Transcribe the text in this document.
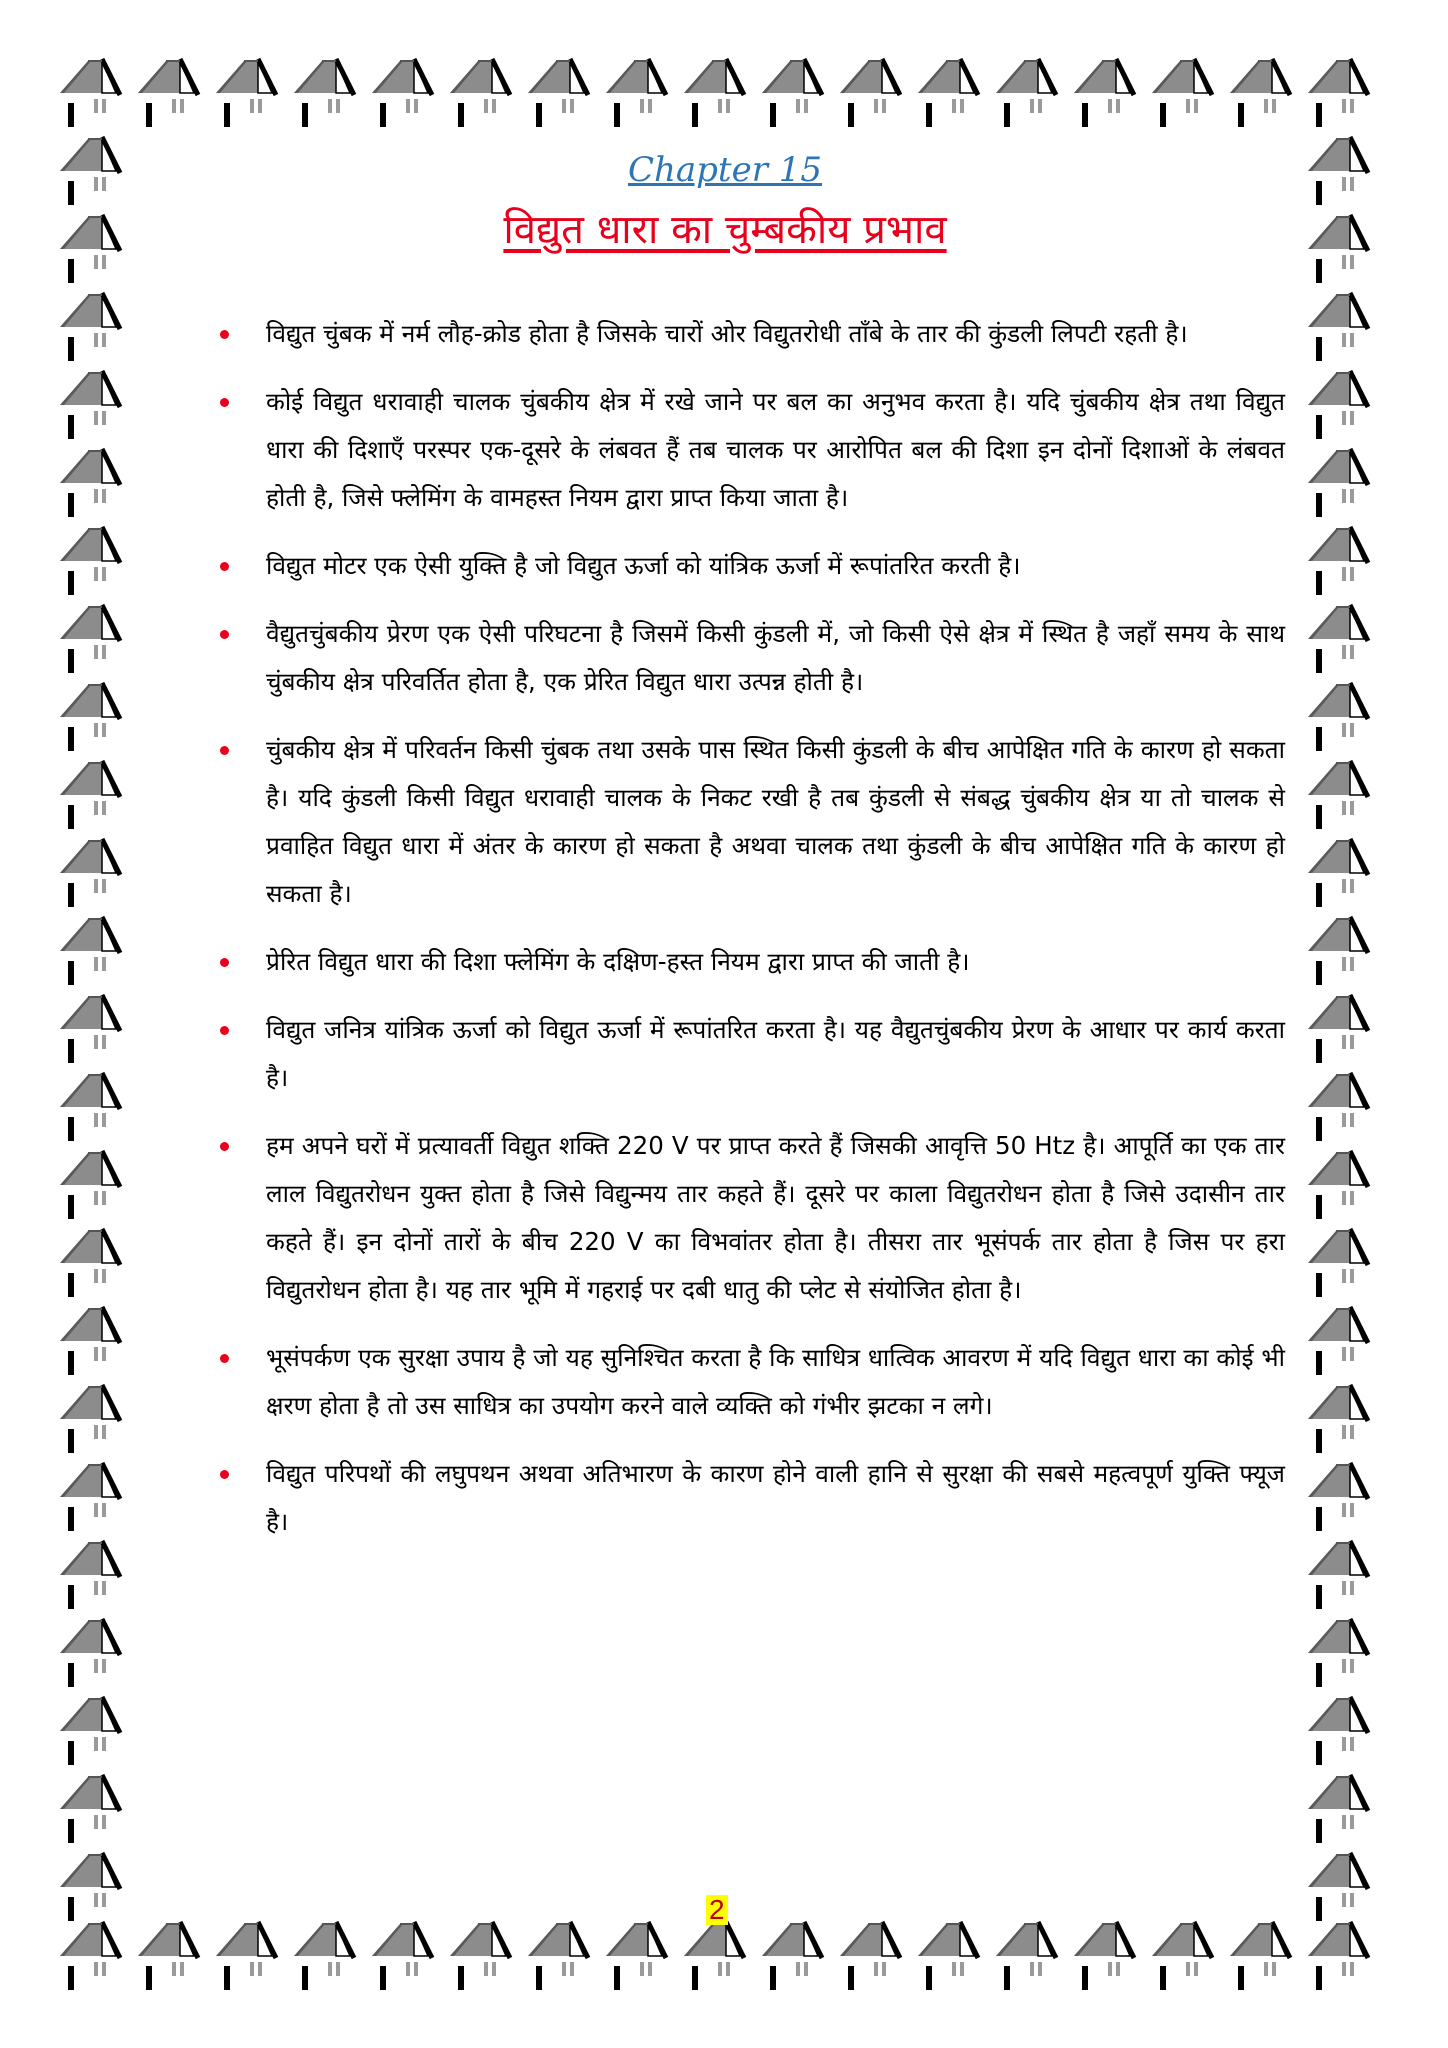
Chapter 15
विद्युत धारा का चुम्बकीय प्रभाव
विद्युत चुंबक में नर्म लौह-क्रोड होता है जिसके चारों ओर विद्युतरोधी ताँबे के तार की कुंडली लिपटी रहती है।
कोई विद्युत धरावाही चालक चुंबकीय क्षेत्र में रखे जाने पर बल का अनुभव करता है। यदि चुंबकीय क्षेत्र तथा विद्युत धारा की दिशाएँ परस्पर एक-दूसरे के लंबवत हैं तब चालक पर आरोपित बल की दिशा इन दोनों दिशाओं के लंबवत होती है, जिसे फ्लेमिंग के वामहस्त नियम द्वारा प्राप्त किया जाता है।
विद्युत मोटर एक ऐसी युक्ति है जो विद्युत ऊर्जा को यांत्रिक ऊर्जा में रूपांतरित करती है।
वैद्युतचुंबकीय प्रेरण एक ऐसी परिघटना है जिसमें किसी कुंडली में, जो किसी ऐसे क्षेत्र में स्थित है जहाँ समय के साथ चुंबकीय क्षेत्र परिवर्तित होता है, एक प्रेरित विद्युत धारा उत्पन्न होती है।
चुंबकीय क्षेत्र में परिवर्तन किसी चुंबक तथा उसके पास स्थित किसी कुंडली के बीच आपेक्षित गति के कारण हो सकता है। यदि कुंडली किसी विद्युत धरावाही चालक के निकट रखी है तब कुंडली से संबद्ध चुंबकीय क्षेत्र या तो चालक से प्रवाहित विद्युत धारा में अंतर के कारण हो सकता है अथवा चालक तथा कुंडली के बीच आपेक्षित गति के कारण हो सकता है।
प्रेरित विद्युत धारा की दिशा फ्लेमिंग के दक्षिण-हस्त नियम द्वारा प्राप्त की जाती है।
विद्युत जनित्र यांत्रिक ऊर्जा को विद्युत ऊर्जा में रूपांतरित करता है। यह वैद्युतचुंबकीय प्रेरण के आधार पर कार्य करता है।
हम अपने घरों में प्रत्यावर्ती विद्युत शक्ति 220 V पर प्राप्त करते हैं जिसकी आवृत्ति 50 Htz है। आपूर्ति का एक तार लाल विद्युतरोधन युक्त होता है जिसे विद्युन्मय तार कहते हैं। दूसरे पर काला विद्युतरोधन होता है जिसे उदासीन तार कहते हैं। इन दोनों तारों के बीच 220 V का विभवांतर होता है। तीसरा तार भूसंपर्क तार होता है जिस पर हरा विद्युतरोधन होता है। यह तार भूमि में गहराई पर दबी धातु की प्लेट से संयोजित होता है।
भूसंपर्कण एक सुरक्षा उपाय है जो यह सुनिश्चित करता है कि साधित्र धात्विक आवरण में यदि विद्युत धारा का कोई भी क्षरण होता है तो उस साधित्र का उपयोग करने वाले व्यक्ति को गंभीर झटका न लगे।
विद्युत परिपथों की लघुपथन अथवा अतिभारण के कारण होने वाली हानि से सुरक्षा की सबसे महत्वपूर्ण युक्ति फ्यूज है।
2
